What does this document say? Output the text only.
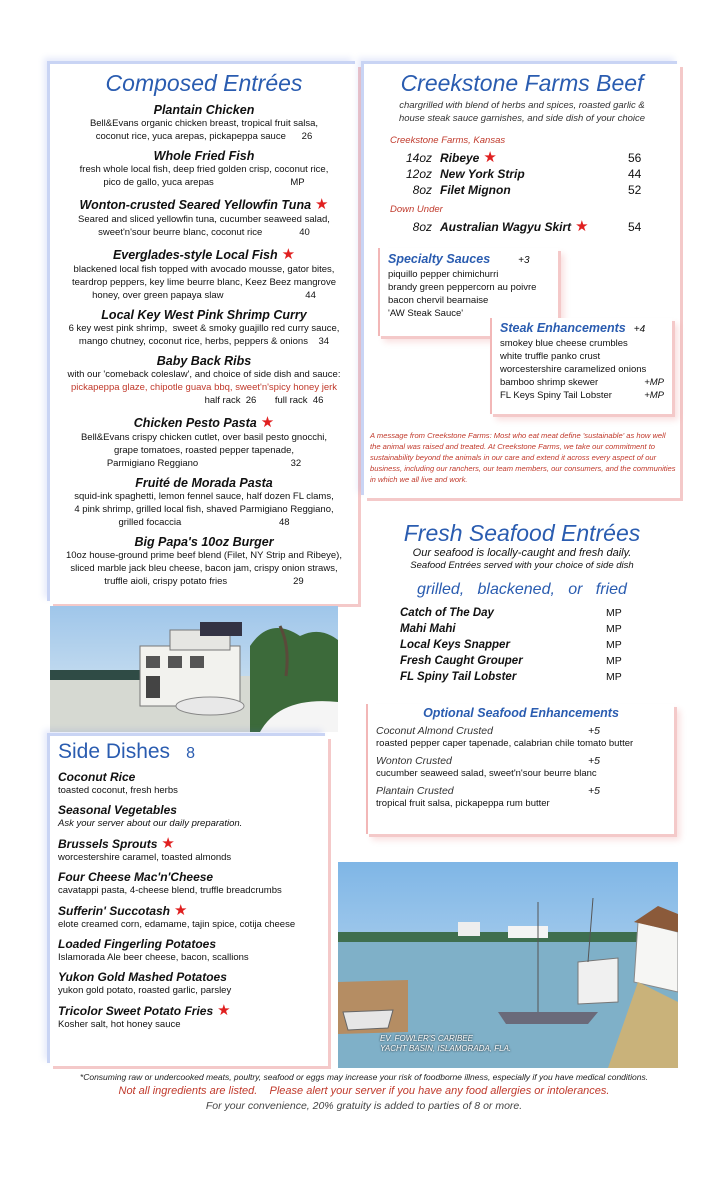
Composed Entrées
Plantain Chicken
Bell&Evans organic chicken breast, tropical fruit salsa,
coconut rice, yuca arepas, pickapeppa sauce      26
Whole Fried Fish
fresh whole local fish, deep fried golden crisp, coconut rice,
pico de gallo, yuca arepas                             MP
Wonton-crusted Seared Yellowfin Tuna ★
Seared and sliced yellowfin tuna, cucumber seaweed salad,
sweet'n'sour beurre blanc, coconut rice              40
Everglades-style Local Fish ★
blackened local fish topped with avocado mousse, gator bites,
teardrop peppers, key lime beurre blanc, Keez Beez mangrove
honey, over green papaya slaw                               44
Local Key West Pink Shrimp Curry
6 key west pink shrimp,  sweet & smoky guajillo red curry sauce,
mango chutney, coconut rice, herbs, peppers & onions    34
Baby Back Ribs
with our 'comeback coleslaw', and choice of side dish and sauce:
pickapeppa glaze, chipotle guava bbq, sweet'n'spicy honey jerk
half rack  26       full rack  46
Chicken Pesto Pasta ★
Bell&Evans crispy chicken cutlet, over basil pesto gnocchi,
grape tomatoes, roasted pepper tapenade,
Parmigiano Reggiano                                   32
Fruité de Morada Pasta
squid-ink spaghetti, lemon fennel sauce, half dozen FL clams,
4 pink shrimp, grilled local fish, shaved Parmigiano Reggiano,
grilled focaccia                                     48
Big Papa's 10oz Burger
10oz house-ground prime beef blend (Filet, NY Strip and Ribeye),
sliced marble jack bleu cheese, bacon jam, crispy onion straws,
truffle aioli, crispy potato fries                         29
Creekstone Farms Beef
chargrilled with blend of herbs and spices, roasted garlic &
house steak sauce garnishes, and side dish of your choice
Creekstone Farms, Kansas
14oz Ribeye ★	56
12oz New York Strip	44
8oz Filet Mignon	52
Down Under
8oz Australian Wagyu Skirt ★	54
Specialty Sauces	+3
piquillo pepper chimichurri
brandy green peppercorn au poivre
bacon chervil bearnaise
'AW Steak Sauce'
Steak Enhancements +4
smokey blue cheese crumbles
white truffle panko crust
worcestershire caramelized onions
bamboo shrimp skewer	+MP
FL Keys Spiny Tail Lobster	+MP
A message from Creekstone Farms: Most who eat meat define 'sustainable' as how well the animal was raised and treated. At Creekstone Farms, we take our commitment to sustainability beyond the animals in our care and extend it across every aspect of our business, including our ranchers, our team members, our consumers, and the communities in which we all live and work.
Side Dishes 8
Coconut Rice
toasted coconut, fresh herbs
Seasonal Vegetables
Ask your server about our daily preparation.
Brussels Sprouts ★
worcestershire caramel, toasted almonds
Four Cheese Mac'n'Cheese
cavatappi pasta, 4-cheese blend, truffle breadcrumbs
Sufferin' Succotash ★
elote creamed corn, edamame, tajin spice, cotija cheese
Loaded Fingerling Potatoes
Islamorada Ale beer cheese, bacon, scallions
Yukon Gold Mashed Potatoes
yukon gold potato, roasted garlic, parsley
Tricolor Sweet Potato Fries ★
Kosher salt, hot honey sauce
Fresh Seafood Entrées
Our seafood is locally-caught and fresh daily.
Seafood Entrées served with your choice of side dish
grilled,   blackened,   or   fried
Catch of The Day	MP
Mahi Mahi	MP
Local Keys Snapper	MP
Fresh Caught Grouper	MP
FL Spiny Tail Lobster	MP
Optional Seafood Enhancements
Coconut Almond Crusted	+5
roasted pepper caper tapenade, calabrian chile tomato butter
Wonton Crusted	+5
cucumber seaweed salad, sweet'n'sour beurre blanc
Plantain Crusted	+5
tropical fruit salsa, pickapeppa rum butter
EV. FOWLER'S CARIBEE
YACHT BASIN, ISLAMORADA, FLA.
*Consuming raw or undercooked meats, poultry, seafood or eggs may increase your risk of foodborne illness, especially if you have medical conditions.
Not all ingredients are listed.    Please alert your server if you have any food allergies or intolerances.
For your convenience, 20% gratuity is added to parties of 8 or more.
